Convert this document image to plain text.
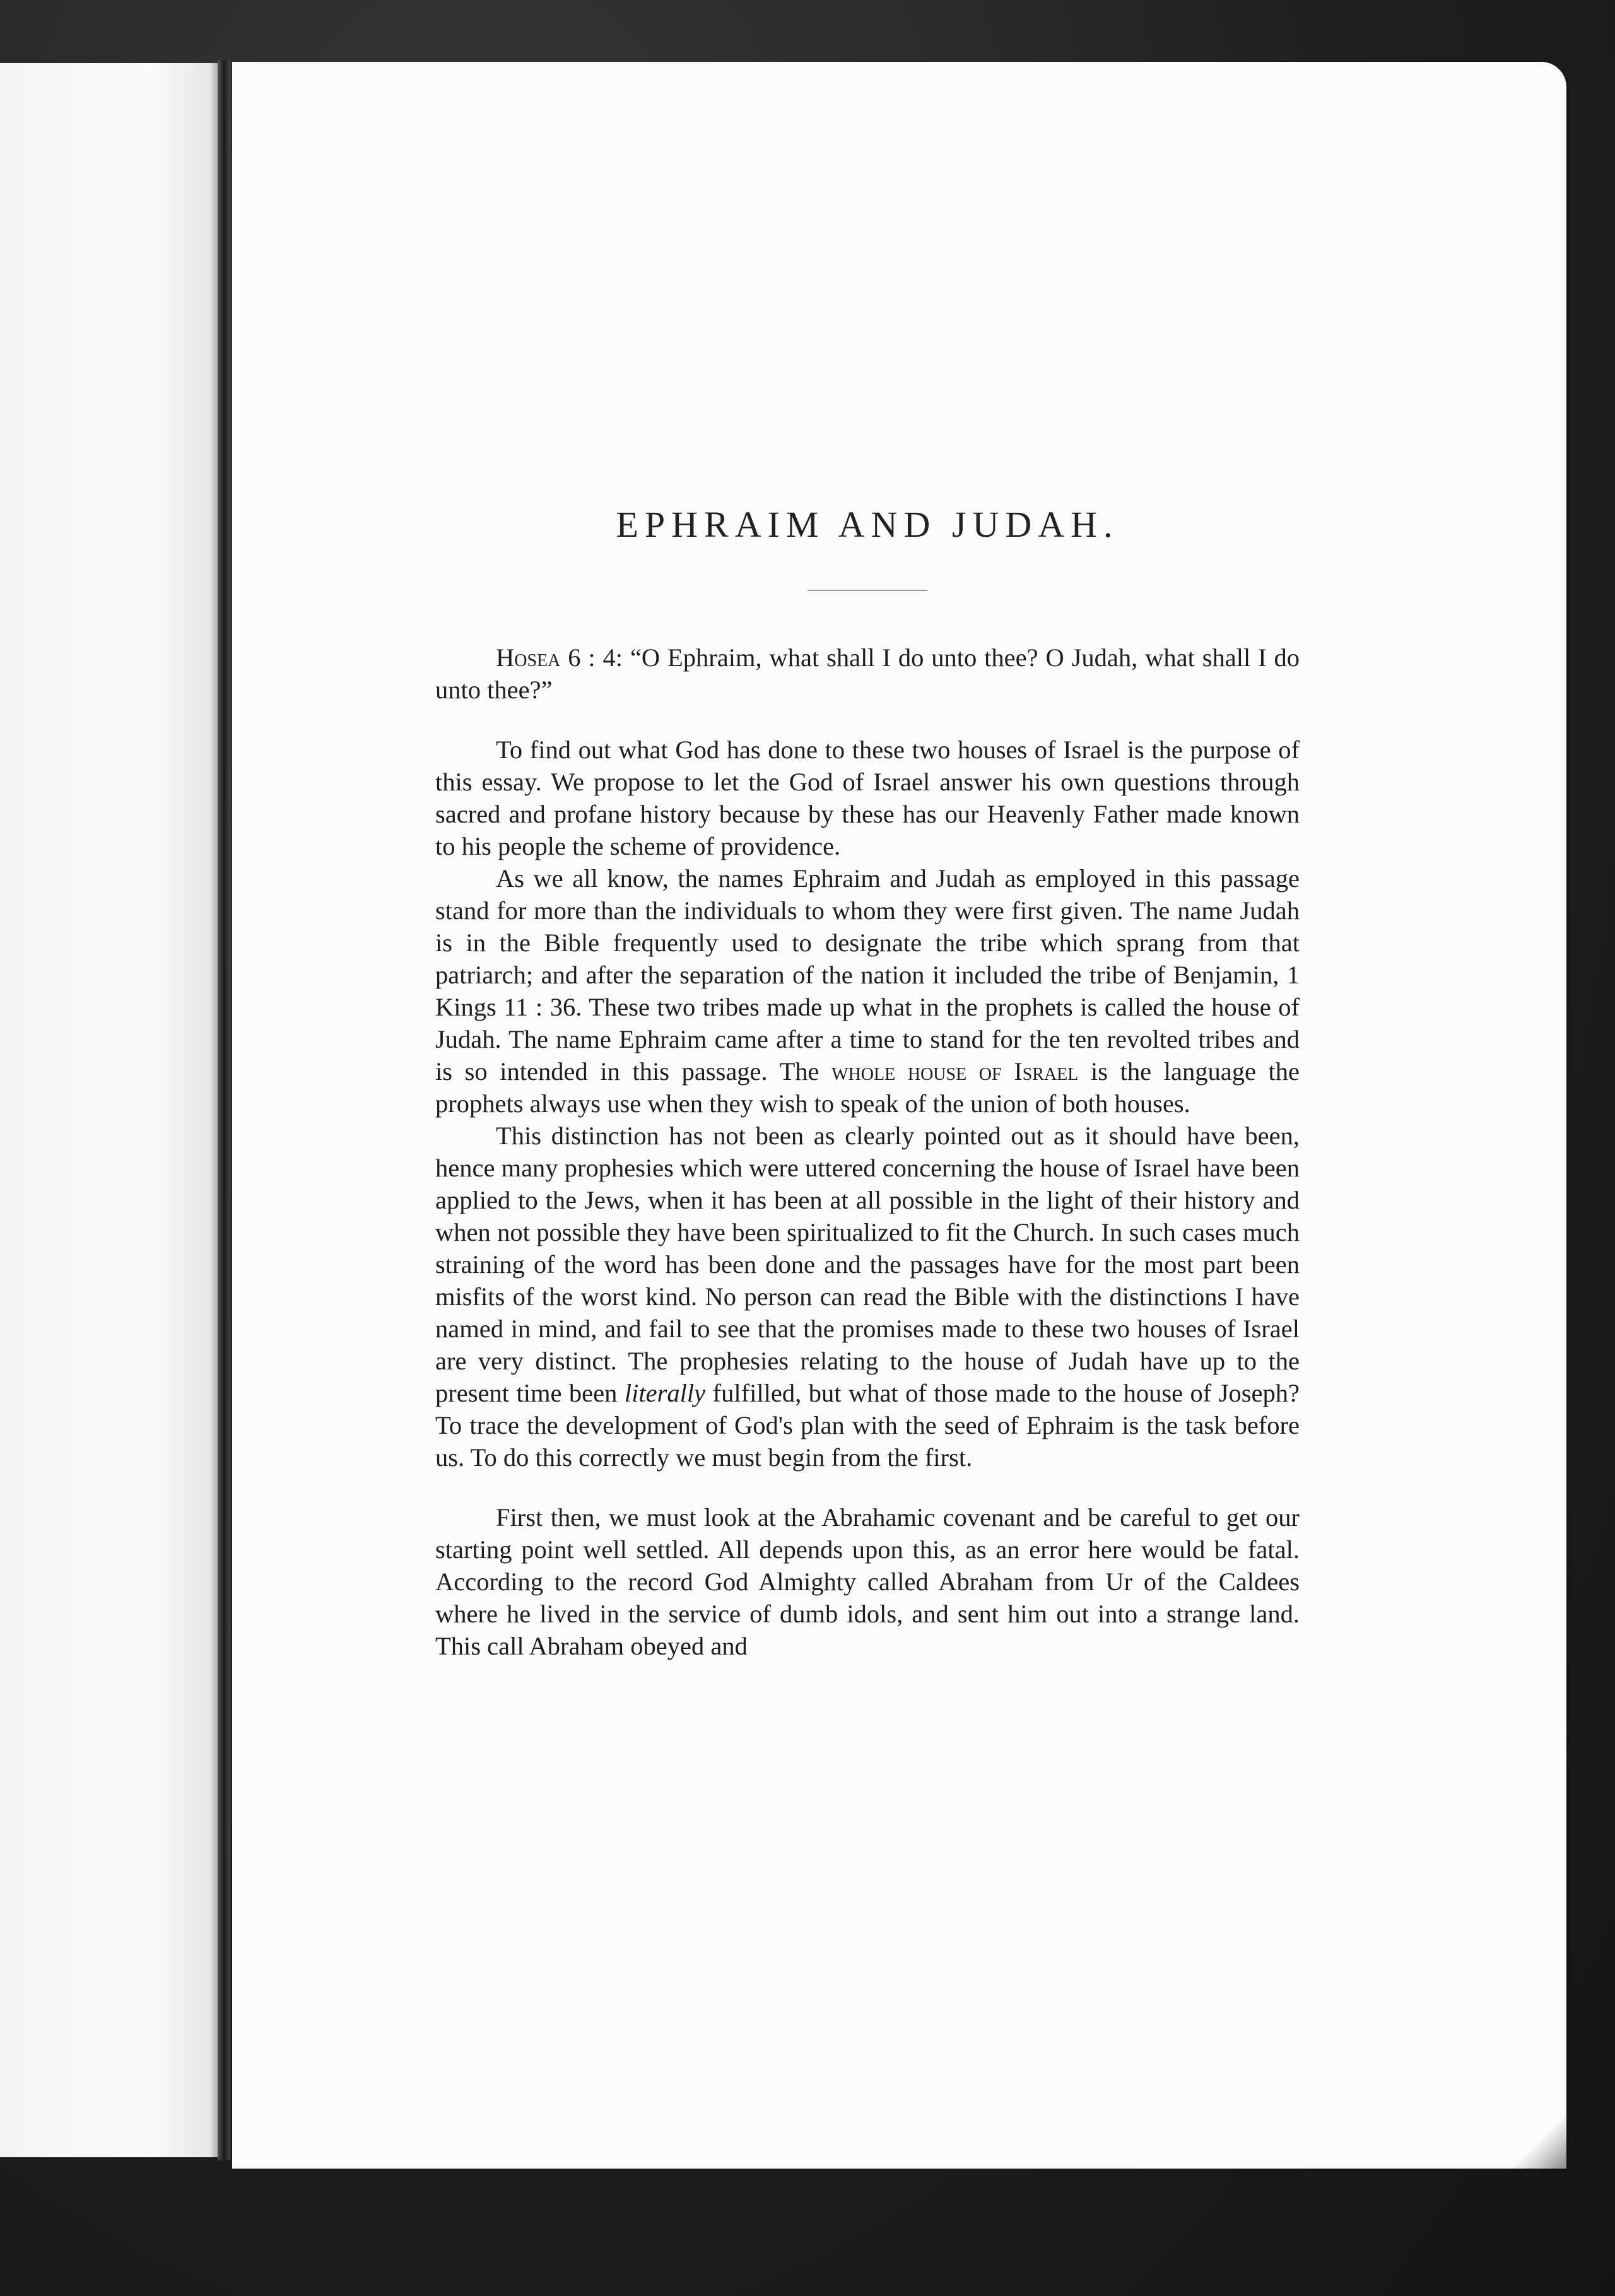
EPHRAIM AND JUDAH.

Hosea 6 : 4: “O Ephraim, what shall I do unto thee? O Judah, what shall I do unto thee?”

To find out what God has done to these two houses of Israel is the purpose of this essay. We propose to let the God of Israel answer his own questions through sacred and profane history because by these has our Heavenly Father made known to his people the scheme of providence.

As we all know, the names Ephraim and Judah as employed in this passage stand for more than the individuals to whom they were first given. The name Judah is in the Bible frequently used to designate the tribe which sprang from that patriarch; and after the separation of the nation it included the tribe of Benjamin, 1 Kings 11 : 36. These two tribes made up what in the prophets is called the house of Judah. The name Ephraim came after a time to stand for the ten revolted tribes and is so intended in this passage. The whole house of Israel is the language the prophets always use when they wish to speak of the union of both houses.

This distinction has not been as clearly pointed out as it should have been, hence many prophesies which were uttered concerning the house of Israel have been applied to the Jews, when it has been at all possible in the light of their history and when not possible they have been spiritualized to fit the Church. In such cases much straining of the word has been done and the passages have for the most part been misfits of the worst kind. No person can read the Bible with the distinctions I have named in mind, and fail to see that the promises made to these two houses of Israel are very distinct. The prophesies relating to the house of Judah have up to the present time been literally fulfilled, but what of those made to the house of Joseph? To trace the development of God's plan with the seed of Ephraim is the task before us. To do this correctly we must begin from the first.

First then, we must look at the Abrahamic covenant and be careful to get our starting point well settled. All depends upon this, as an error here would be fatal. According to the record God Almighty called Abraham from Ur of the Caldees where he lived in the service of dumb idols, and sent him out into a strange land. This call Abraham obeyed and
